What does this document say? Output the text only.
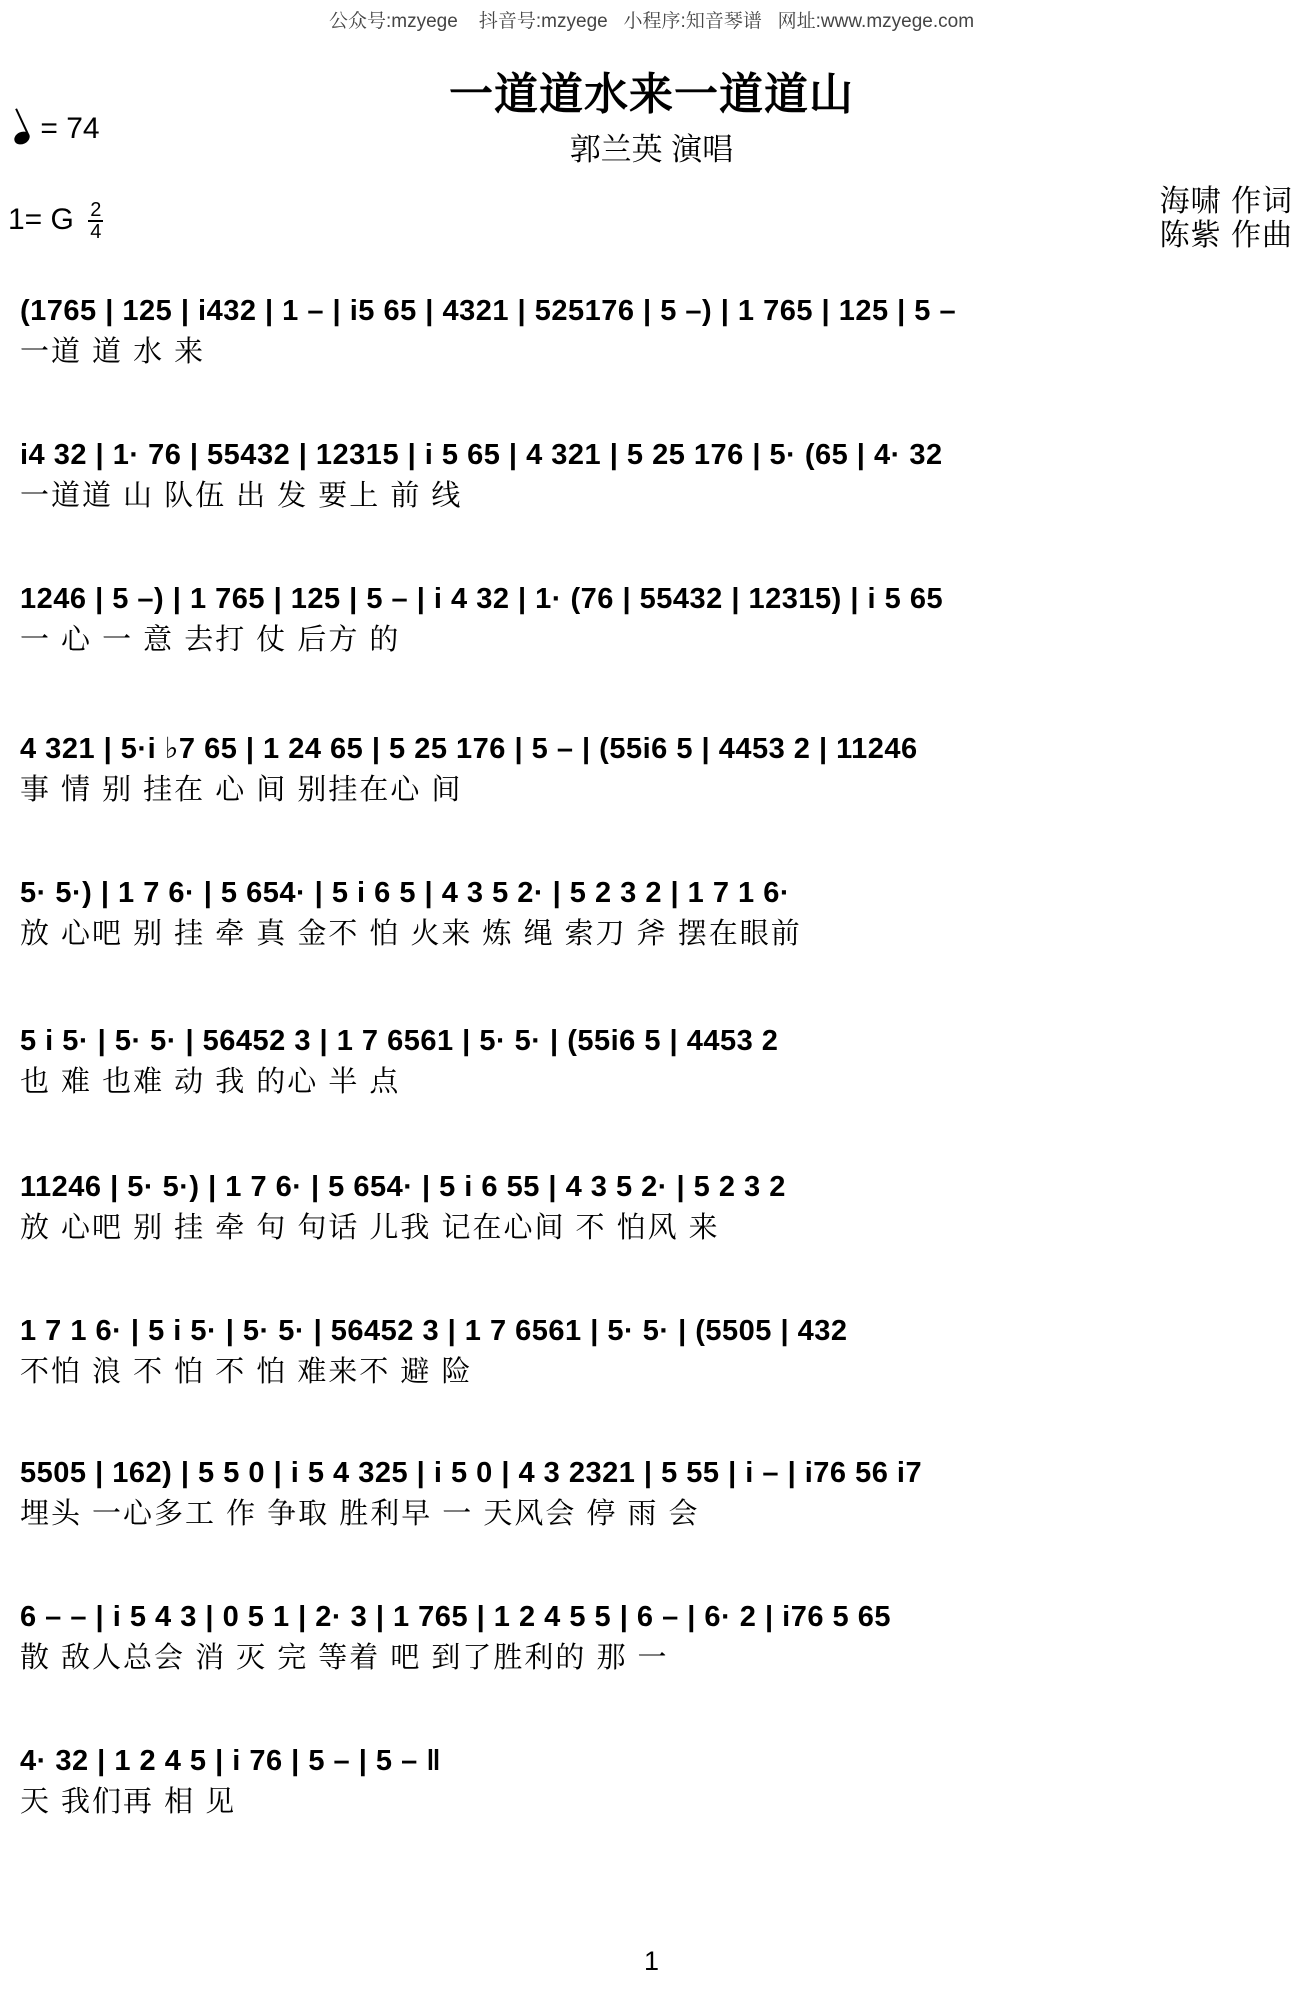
公众号:mzyege    抖音号:mzyege   小程序:知音琴谱   网址:www.mzyege.com
一道道水来一道道山
郭兰英 演唱
= 74
1= G $\frac{2}{4}$	海啸 作词
陈紫 作曲
(1765 | 125 | i432 | 1 – | i5 65 | 4321 | 525176 | 5 –) | 1 765 | 125 | 5 –
一道 道 水 来
i4 32 | 1· 76 | 55432 | 12315 | i 5 65 | 4 321 | 5 25 176 | 5· (65 | 4· 32
一道道 山 队伍 出 发 要上 前 线
1246 | 5 –) | 1 765 | 125 | 5 – | i 4 32 | 1· (76 | 55432 | 12315) | i 5 65
一 心 一 意 去打 仗 后方 的
4 321 | 5·i ♭7 65 | 1 24 65 | 5 25 176 | 5 – | (55i6 5 | 4453 2 | 11246
事 情 别 挂在 心 间 别挂在心 间
5· 5·) | 1 7 6· | 5 654· | 5 i 6 5 | 4 3 5 2· | 5 2 3 2 | 1 7 1 6·
放 心吧 别 挂 牵 真 金不 怕 火来 炼 绳 索刀 斧 摆在眼前
5 i 5· | 5· 5· | 56452 3 | 1 7 6561 | 5· 5· | (55i6 5 | 4453 2
也 难 也难 动 我 的心 半 点
11246 | 5· 5·) | 1 7 6· | 5 654· | 5 i 6 55 | 4 3 5 2· | 5 2 3 2
放 心吧 别 挂 牵 句 句话 儿我 记在心间 不 怕风 来
1 7 1 6· | 5 i 5· | 5· 5· | 56452 3 | 1 7 6561 | 5· 5· | (5505 | 432
不怕 浪 不 怕 不 怕 难来不 避 险
5505 | 162) | 5 5 0 | i 5 4 325 | i 5 0 | 4 3 2321 | 5 55 | i – | i76 56 i7
埋头 一心多工 作 争取 胜利早 一 天风会 停 雨 会
6 – – | i 5 4 3 | 0 5 1 | 2· 3 | 1 765 | 1 2 4 5 5 | 6 – | 6· 2 | i76 5 65
散 敌人总会 消 灭 完 等着 吧 到了胜利的 那 一
4· 32 | 1 2 4 5 | i 76 | 5 – | 5 – ‖
天 我们再 相 见
1
